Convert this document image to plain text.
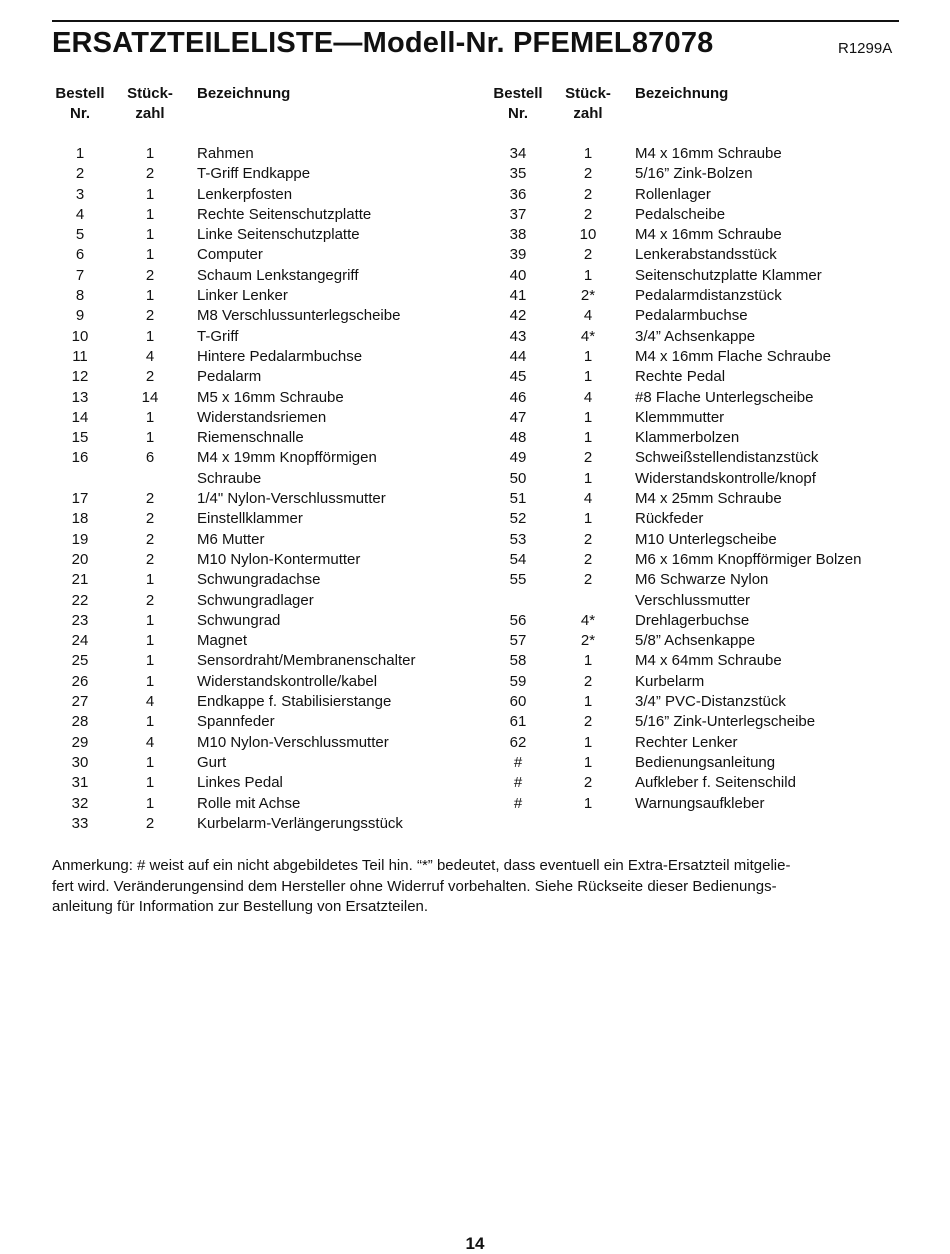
ERSATZTEILELISTE—Modell-Nr. PFEMEL87078	R1299A
Bestell
Nr.
Stück-
zahl
Bezeichnung
1	1	Rahmen
2	2	T-Griff Endkappe
3	1	Lenkerpfosten
4	1	Rechte Seitenschutzplatte
5	1	Linke Seitenschutzplatte
6	1	Computer
7	2	Schaum Lenkstangegriff
8	1	Linker Lenker
9	2	M8 Verschlussunterlegscheibe
10	1	T-Griff
11	4	Hintere Pedalarmbuchse
12	2	Pedalarm
13	14	M5 x 16mm Schraube
14	1	Widerstandsriemen
15	1	Riemenschnalle
16	6	M4 x 19mm Knopfförmigen
Schraube
17	2	1/4" Nylon-Verschlussmutter
18	2	Einstellklammer
19	2	M6 Mutter
20	2	M10 Nylon-Kontermutter
21	1	Schwungradachse
22	2	Schwungradlager
23	1	Schwungrad
24	1	Magnet
25	1	Sensordraht/Membranenschalter
26	1	Widerstandskontrolle/kabel
27	4	Endkappe f. Stabilisierstange
28	1	Spannfeder
29	4	M10 Nylon-Verschlussmutter
30	1	Gurt
31	1	Linkes Pedal
32	1	Rolle mit Achse
33	2	Kurbelarm-Verlängerungsstück
Bestell
Nr.
Stück-
zahl
Bezeichnung
34	1	M4 x 16mm Schraube
35	2	5/16” Zink-Bolzen
36	2	Rollenlager
37	2	Pedalscheibe
38	10	M4 x 16mm Schraube
39	2	Lenkerabstandsstück
40	1	Seitenschutzplatte Klammer
41	2*	Pedalarmdistanzstück
42	4	Pedalarmbuchse
43	4*	3/4” Achsenkappe
44	1	M4 x 16mm Flache Schraube
45	1	Rechte Pedal
46	4	#8 Flache Unterlegscheibe
47	1	Klemmmutter
48	1	Klammerbolzen
49	2	Schweißstellendistanzstück
50	1	Widerstandskontrolle/knopf
51	4	M4 x 25mm Schraube
52	1	Rückfeder
53	2	M10 Unterlegscheibe
54	2	M6 x 16mm Knopfförmiger Bolzen
55	2	M6 Schwarze Nylon
Verschlussmutter
56	4*	Drehlagerbuchse
57	2*	5/8” Achsenkappe
58	1	M4 x 64mm Schraube
59	2	Kurbelarm
60	1	3/4” PVC-Distanzstück
61	2	5/16” Zink-Unterlegscheibe
62	1	Rechter Lenker
#	1	Bedienungsanleitung
#	2	Aufkleber f. Seitenschild
#	1	Warnungsaufkleber
Anmerkung: # weist auf ein nicht abgebildetes Teil hin. “*” bedeutet, dass eventuell ein Extra-Ersatzteil mitgelie-
fert wird. Veränderungensind dem Hersteller ohne Widerruf vorbehalten. Siehe Rückseite dieser Bedienungs-
anleitung für Information zur Bestellung von Ersatzteilen.
14
